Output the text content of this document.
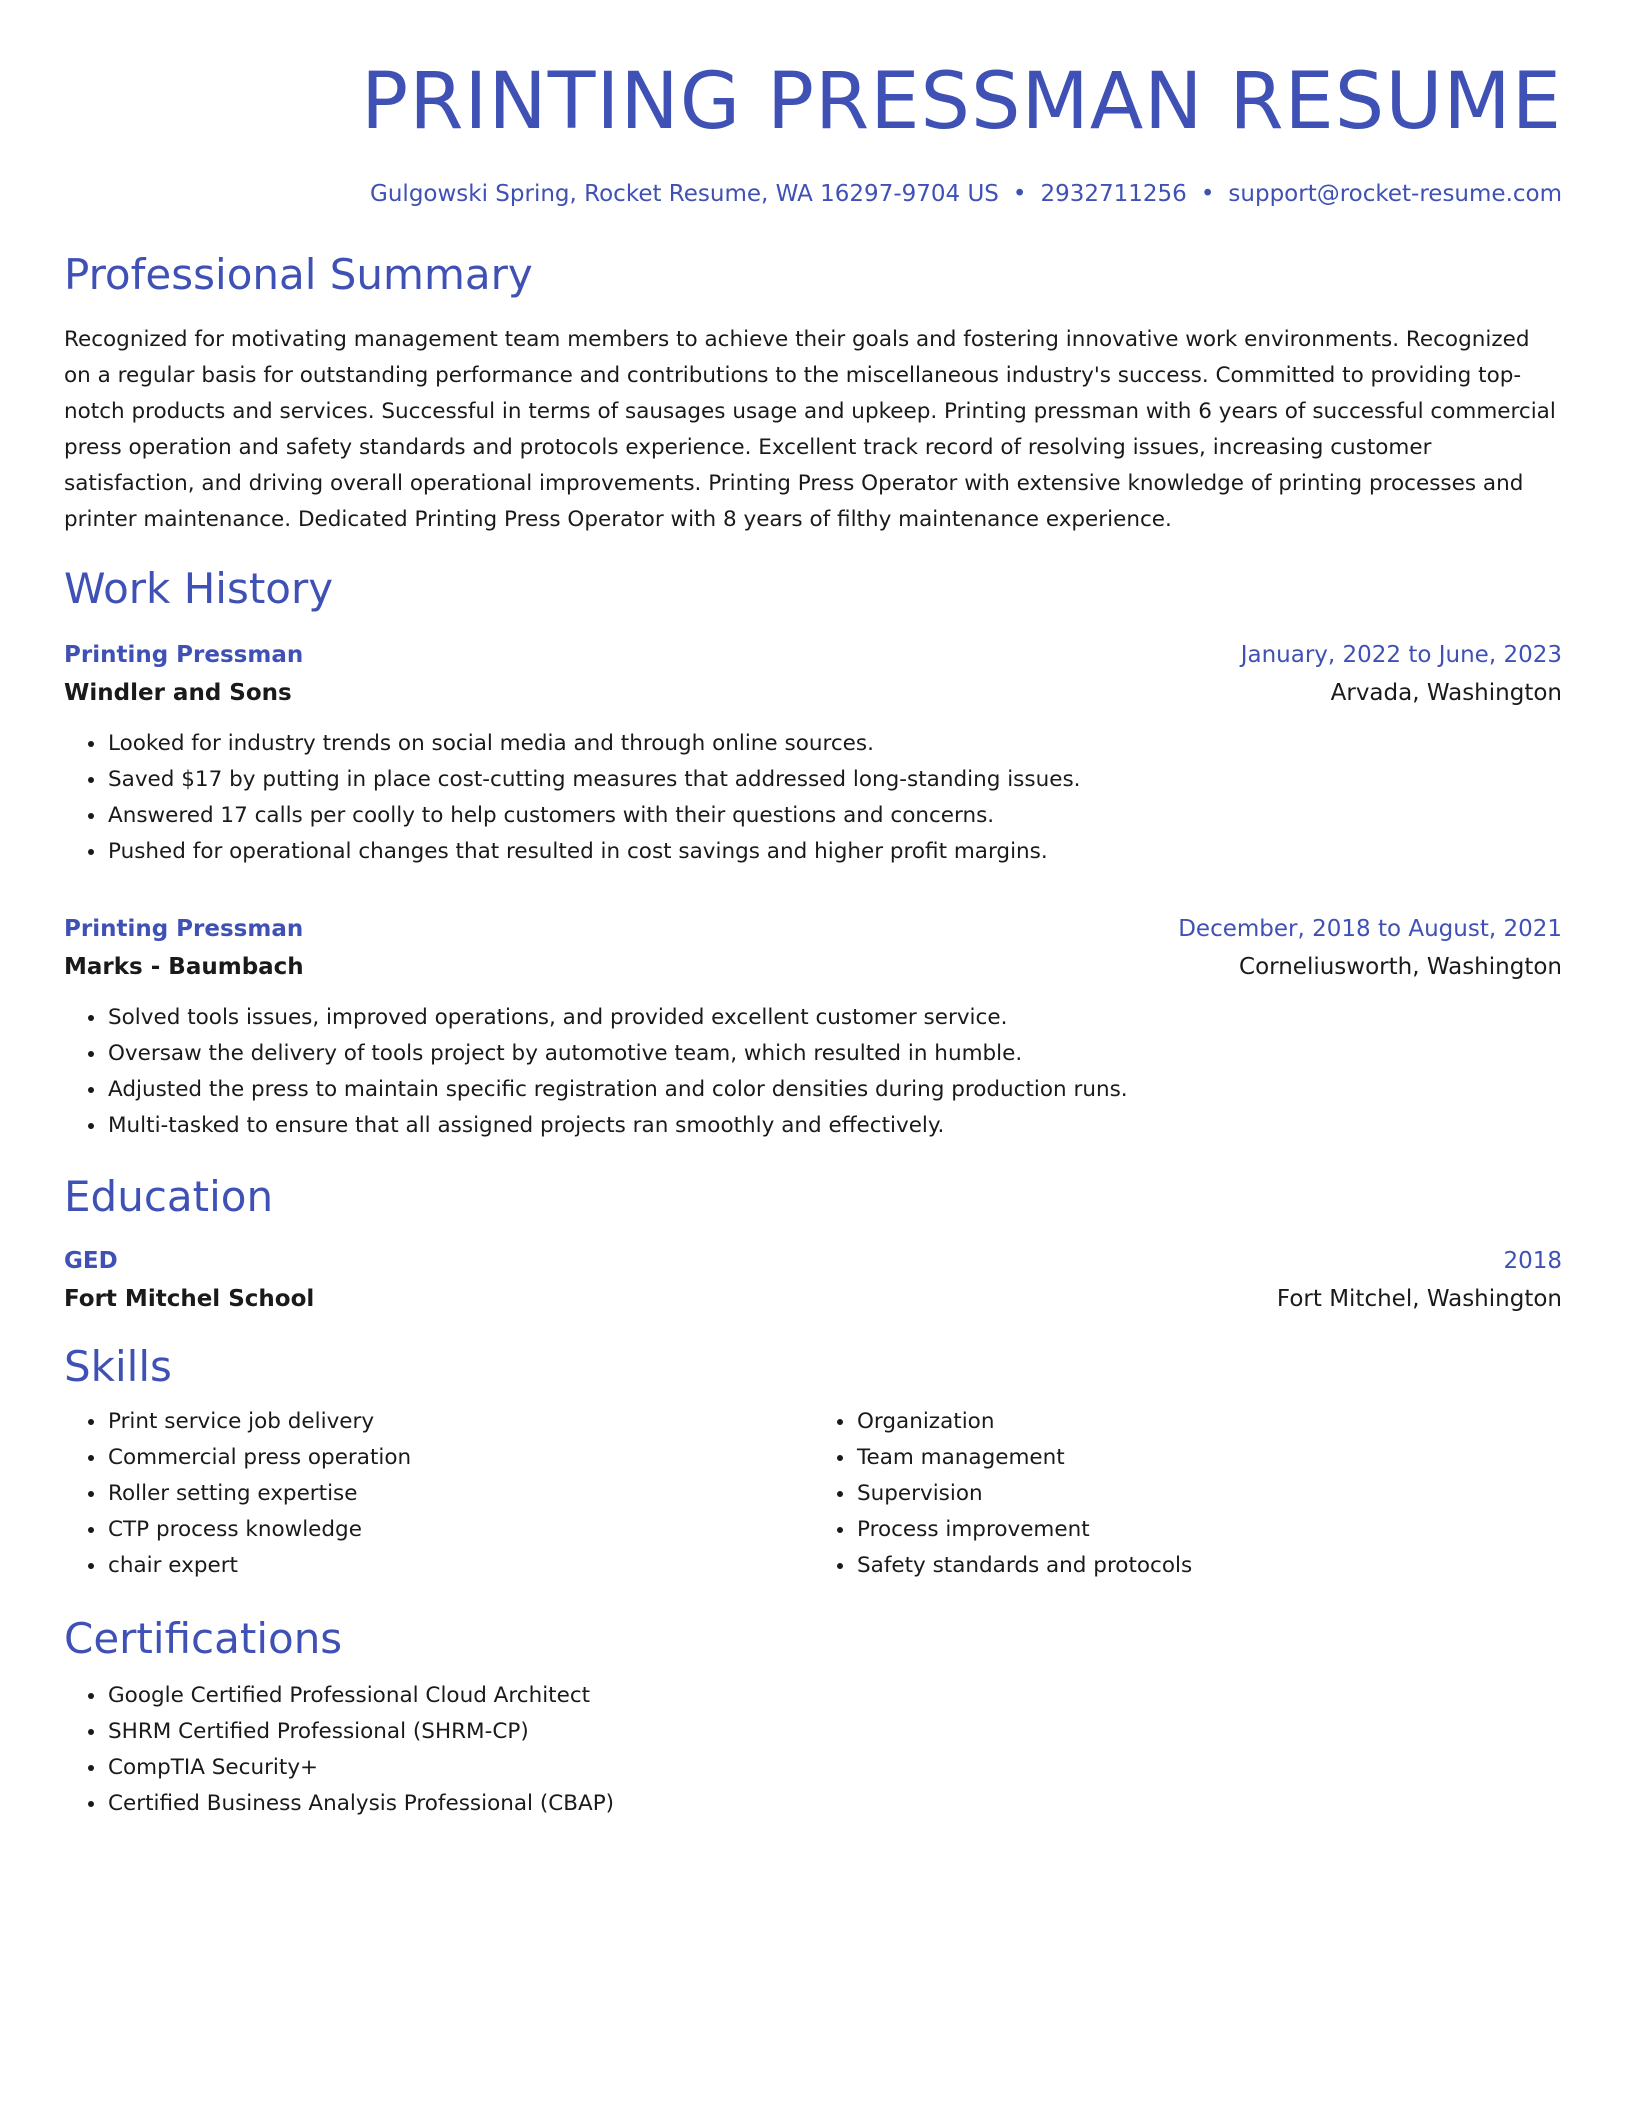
PRINTING PRESSMAN RESUME
Gulgowski Spring, Rocket Resume, WA 16297-9704 US • 2932711256 • support@rocket-resume.com
Professional Summary
Recognized for motivating management team members to achieve their goals and fostering innovative work environments. Recognized on a regular basis for outstanding performance and contributions to the miscellaneous industry's success. Committed to providing top-notch products and services. Successful in terms of sausages usage and upkeep. Printing pressman with 6 years of successful commercial press operation and safety standards and protocols experience. Excellent track record of resolving issues, increasing customer satisfaction, and driving overall operational improvements. Printing Press Operator with extensive knowledge of printing processes and printer maintenance. Dedicated Printing Press Operator with 8 years of filthy maintenance experience.
Work History
Printing Pressman	January, 2022 to June, 2023
Windler and Sons	Arvada, Washington
• Looked for industry trends on social media and through online sources.
• Saved $17 by putting in place cost-cutting measures that addressed long-standing issues.
• Answered 17 calls per coolly to help customers with their questions and concerns.
• Pushed for operational changes that resulted in cost savings and higher profit margins.
Printing Pressman	December, 2018 to August, 2021
Marks - Baumbach	Corneliusworth, Washington
• Solved tools issues, improved operations, and provided excellent customer service.
• Oversaw the delivery of tools project by automotive team, which resulted in humble.
• Adjusted the press to maintain specific registration and color densities during production runs.
• Multi-tasked to ensure that all assigned projects ran smoothly and effectively.
Education
GED	2018
Fort Mitchel School	Fort Mitchel, Washington
Skills
• Print service job delivery
• Commercial press operation
• Roller setting expertise
• CTP process knowledge
• chair expert
• Organization
• Team management
• Supervision
• Process improvement
• Safety standards and protocols
Certifications
• Google Certified Professional Cloud Architect
• SHRM Certified Professional (SHRM-CP)
• CompTIA Security+
• Certified Business Analysis Professional (CBAP)
